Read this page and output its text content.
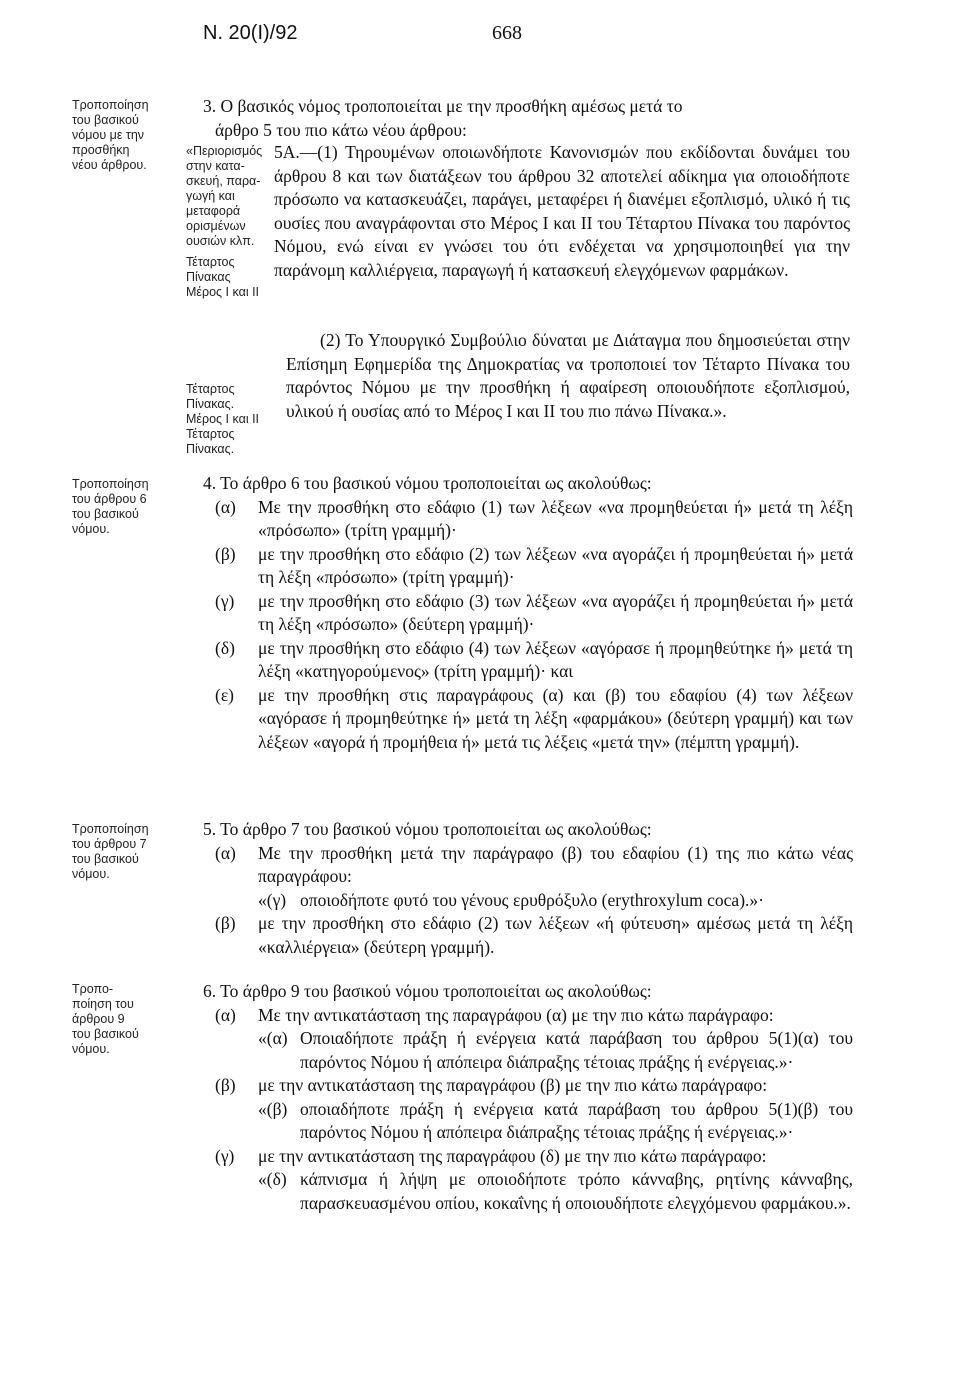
N. 20(I)/92	668
Τροποποίηση
του βασικού
νόμου με την
προσθήκη
νέου άρθρου.
Τροποποίηση
του άρθρου 6
του βασικού
νόμου.
Τροποποίηση
του άρθρου 7
του βασικού
νόμου.
Τροπο-
ποίηση του
άρθρου 9
του βασικού
νόμου.
«Περιορισμός
στην κατα-
σκευή, παρα-
γωγή και
μεταφορά
ορισμένων
ουσιών κλπ.
Τέταρτος
Πίνακας
Μέρος I και II
Τέταρτος
Πίνακας.
Μέρος I και II
Τέταρτος
Πίνακας.
3. Ο βασικός νόμος τροποποιείται με την προσθήκη αμέσως μετά το
άρθρο 5 του πιο κάτω νέου άρθρου:

5Α.—(1) Τηρουμένων οποιωνδήποτε Κανονισμών που εκδίδονται δυνάμει του άρθρου 8 και των διατάξεων του άρθρου 32 αποτελεί αδίκημα για οποιοδήποτε πρόσωπο να κατασκευάζει, παράγει, μεταφέρει ή διανέμει εξοπλισμό, υλικό ή τις ουσίες που αναγράφονται στο Μέρος I και II του Τέταρτου Πίνακα του παρόντος Νόμου, ενώ είναι εν γνώσει του ότι ενδέχεται να χρησιμοποιηθεί για την παράνομη καλλιέργεια, παραγωγή ή κατασκευή ελεγχόμενων φαρμάκων.

(2) Το Υπουργικό Συμβούλιο δύναται με Διάταγμα που δημοσιεύεται στην Επίσημη Εφημερίδα της Δημοκρατίας να τροποποιεί τον Τέταρτο Πίνακα του παρόντος Νόμου με την προσθήκη ή αφαίρεση οποιουδήποτε εξοπλισμού, υλικού ή ουσίας από το Μέρος I και II του πιο πάνω Πίνακα.».

4. Το άρθρο 6 του βασικού νόμου τροποποιείται ως ακολούθως:

(α) Με την προσθήκη στο εδάφιο (1) των λέξεων «να προμηθεύεται ή» μετά τη λέξη «πρόσωπο» (τρίτη γραμμή)·

(β) με την προσθήκη στο εδάφιο (2) των λέξεων «να αγοράζει ή προμηθεύεται ή» μετά τη λέξη «πρόσωπο» (τρίτη γραμμή)·

(γ) με την προσθήκη στο εδάφιο (3) των λέξεων «να αγοράζει ή προμηθεύεται ή» μετά τη λέξη «πρόσωπο» (δεύτερη γραμμή)·

(δ) με την προσθήκη στο εδάφιο (4) των λέξεων «αγόρασε ή προμηθεύτηκε ή» μετά τη λέξη «κατηγορούμενος» (τρίτη γραμμή)· και

(ε) με την προσθήκη στις παραγράφους (α) και (β) του εδαφίου (4) των λέξεων «αγόρασε ή προμηθεύτηκε ή» μετά τη λέξη «φαρμάκου» (δεύτερη γραμμή) και των λέξεων «αγορά ή προμήθεια ή» μετά τις λέξεις «μετά την» (πέμπτη γραμμή).

5. Το άρθρο 7 του βασικού νόμου τροποποιείται ως ακολούθως:

(α) Με την προσθήκη μετά την παράγραφο (β) του εδαφίου (1) της πιο κάτω νέας παραγράφου:

«(γ) οποιοδήποτε φυτό του γένους ερυθρόξυλο (erythroxylum coca).»·
(β) με την προσθήκη στο εδάφιο (2) των λέξεων «ή φύτευση» αμέσως μετά τη λέξη «καλλιέργεια» (δεύτερη γραμμή).

6. Το άρθρο 9 του βασικού νόμου τροποποιείται ως ακολούθως:

(α) Με την αντικατάσταση της παραγράφου (α) με την πιο κάτω παράγραφο:

«(α) Οποιαδήποτε πράξη ή ενέργεια κατά παράβαση του άρθρου 5(1)(α) του παρόντος Νόμου ή απόπειρα διάπραξης τέτοιας πράξης ή ενέργειας.»·
(β) με την αντικατάσταση της παραγράφου (β) με την πιο κάτω παράγραφο:

«(β) οποιαδήποτε πράξη ή ενέργεια κατά παράβαση του άρθρου 5(1)(β) του παρόντος Νόμου ή απόπειρα διάπραξης τέτοιας πράξης ή ενέργειας.»·
(γ) με την αντικατάσταση της παραγράφου (δ) με την πιο κάτω παράγραφο:

«(δ) κάπνισμα ή λήψη με οποιοδήποτε τρόπο κάνναβης, ρητίνης κάνναβης, παρασκευασμένου οπίου, κοκαΐνης ή οποιουδήποτε ελεγχόμενου φαρμάκου.».
